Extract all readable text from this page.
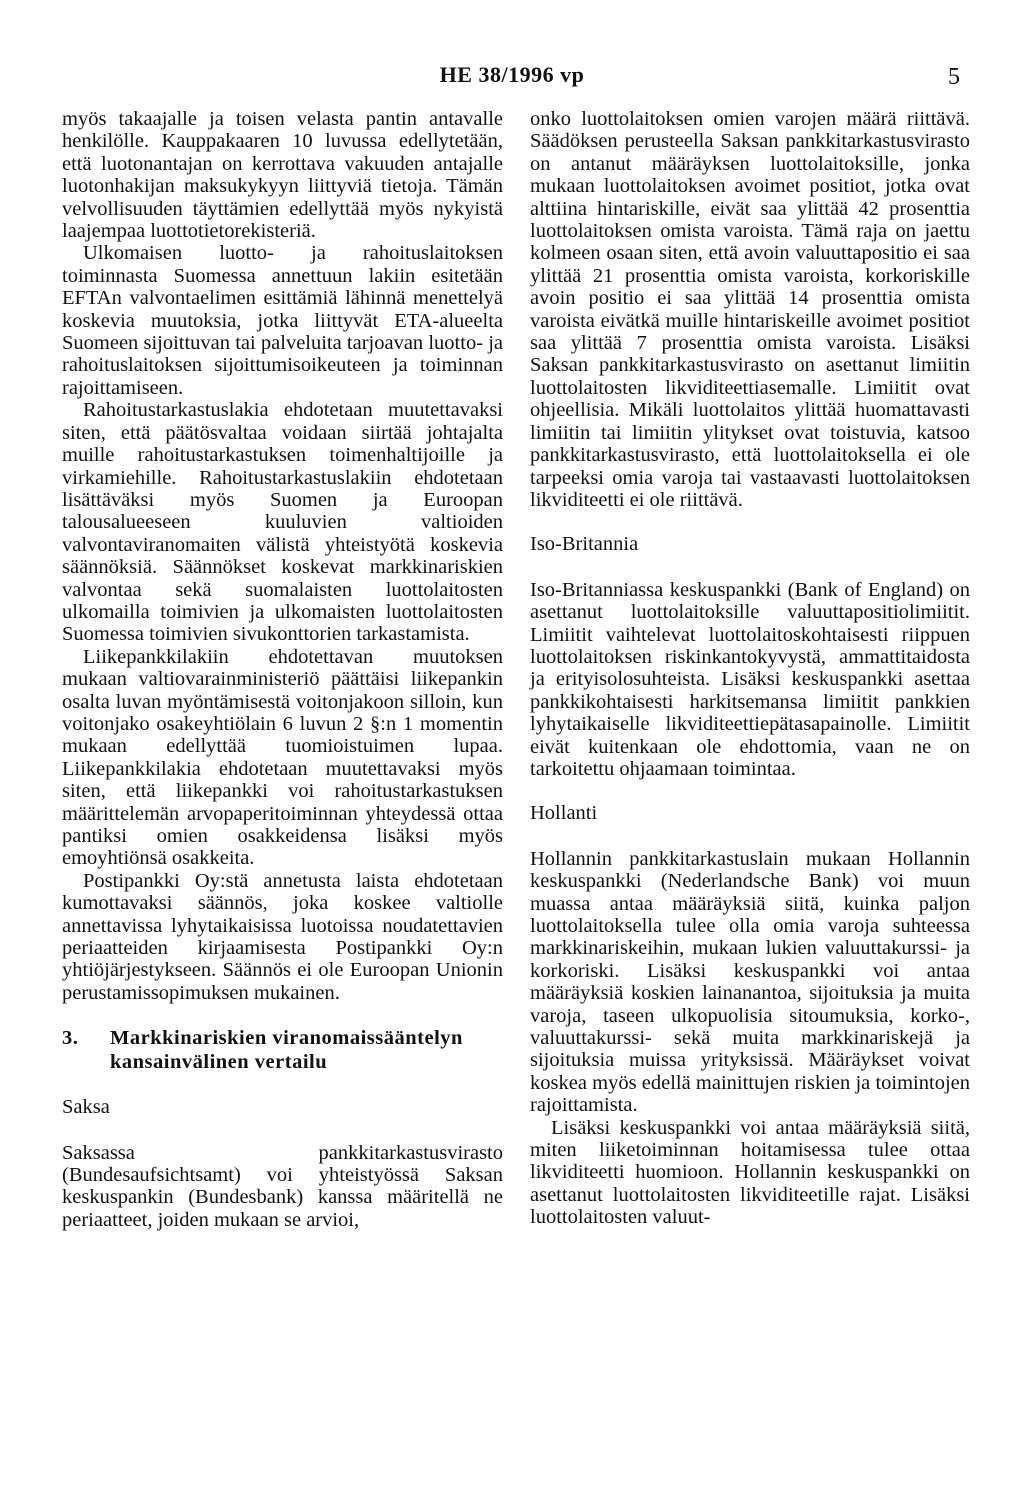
HE 38/1996 vp	5

myös takaajalle ja toisen velasta pantin antavalle henkilölle. Kauppakaaren 10 luvussa edellytetään, että luotonantajan on kerrottava vakuuden antajalle luotonhakijan maksukykyyn liittyviä tietoja. Tämän velvollisuuden täyttämien edellyttää myös nykyistä laajempaa luottotietorekisteriä.

Ulkomaisen luotto- ja rahoituslaitoksen toiminnasta Suomessa annettuun lakiin esitetään EFTAn valvontaelimen esittämiä lähinnä menettelyä koskevia muutoksia, jotka liittyvät ETA-alueelta Suomeen sijoittuvan tai palveluita tarjoavan luotto- ja rahoituslaitoksen sijoittumisoikeuteen ja toiminnan rajoittamiseen.

Rahoitustarkastuslakia ehdotetaan muutettavaksi siten, että päätösvaltaa voidaan siirtää johtajalta muille rahoitustarkastuksen toimenhaltijoille ja virkamiehille. Rahoitustarkastuslakiin ehdotetaan lisättäväksi myös Suomen ja Euroopan talousalueeseen kuuluvien valtioiden valvontaviranomaiten välistä yhteistyötä koskevia säännöksiä. Säännökset koskevat markkinariskien valvontaa sekä suomalaisten luottolaitosten ulkomailla toimivien ja ulkomaisten luottolaitosten Suomessa toimivien sivukonttorien tarkastamista.

Liikepankkilakiin ehdotettavan muutoksen mukaan valtiovarainministeriö päättäisi liikepankin osalta luvan myöntämisestä voitonjakoon silloin, kun voitonjako osakeyhtiölain 6 luvun 2 §:n 1 momentin mukaan edellyttää tuomioistuimen lupaa. Liikepankkilakia ehdotetaan muutettavaksi myös siten, että liikepankki voi rahoitustarkastuksen määrittelemän arvopaperitoiminnan yhteydessä ottaa pantiksi omien osakkeidensa lisäksi myös emoyhtiönsä osakkeita.

Postipankki Oy:stä annetusta laista ehdotetaan kumottavaksi säännös, joka koskee valtiolle annettavissa lyhytaikaisissa luotoissa noudatettavien periaatteiden kirjaamisesta Postipankki Oy:n yhtiöjärjestykseen. Säännös ei ole Euroopan Unionin perustamissopimuksen mukainen.

3.	Markkinariskien viranomaissääntelyn kansainvälinen vertailu
Saksa

Saksassa pankkitarkastusvirasto (Bundesaufsichtsamt) voi yhteistyössä Saksan keskuspankin (Bundesbank) kanssa määritellä ne periaatteet, joiden mukaan se arvioi,

onko luottolaitoksen omien varojen määrä riittävä. Säädöksen perusteella Saksan pankkitarkastusvirasto on antanut määräyksen luottolaitoksille, jonka mukaan luottolaitoksen avoimet positiot, jotka ovat alttiina hintariskille, eivät saa ylittää 42 prosenttia luottolaitoksen omista varoista. Tämä raja on jaettu kolmeen osaan siten, että avoin valuuttapositio ei saa ylittää 21 prosenttia omista varoista, korkoriskille avoin positio ei saa ylittää 14 prosenttia omista varoista eivätkä muille hintariskeille avoimet positiot saa ylittää 7 prosenttia omista varoista. Lisäksi Saksan pankkitarkastusvirasto on asettanut limiitin luottolaitosten likviditeettiasemalle. Limiitit ovat ohjeellisia. Mikäli luottolaitos ylittää huomattavasti limiitin tai limiitin ylitykset ovat toistuvia, katsoo pankkitarkastusvirasto, että luottolaitoksella ei ole tarpeeksi omia varoja tai vastaavasti luottolaitoksen likviditeetti ei ole riittävä.

Iso-Britannia

Iso-Britanniassa keskuspankki (Bank of England) on asettanut luottolaitoksille valuuttapositiolimiitit. Limiitit vaihtelevat luottolaitoskohtaisesti riippuen luottolaitoksen riskinkantokyvystä, ammattitaidosta ja erityisolosuhteista. Lisäksi keskuspankki asettaa pankkikohtaisesti harkitsemansa limiitit pankkien lyhytaikaiselle likviditeettiepätasapainolle. Limiitit eivät kuitenkaan ole ehdottomia, vaan ne on tarkoitettu ohjaamaan toimintaa.

Hollanti

Hollannin pankkitarkastuslain mukaan Hollannin keskuspankki (Nederlandsche Bank) voi muun muassa antaa määräyksiä siitä, kuinka paljon luottolaitoksella tulee olla omia varoja suhteessa markkinariskeihin, mukaan lukien valuuttakurssi- ja korkoriski. Lisäksi keskuspankki voi antaa määräyksiä koskien lainanantoa, sijoituksia ja muita varoja, taseen ulkopuolisia sitoumuksia, korko-, valuuttakurssi- sekä muita markkinariskejä ja sijoituksia muissa yrityksissä. Määräykset voivat koskea myös edellä mainittujen riskien ja toimintojen rajoittamista.

Lisäksi keskuspankki voi antaa määräyksiä siitä, miten liiketoiminnan hoitamisessa tulee ottaa likviditeetti huomioon. Hollannin keskuspankki on asettanut luottolaitosten likviditeetille rajat. Lisäksi luottolaitosten valuut-
